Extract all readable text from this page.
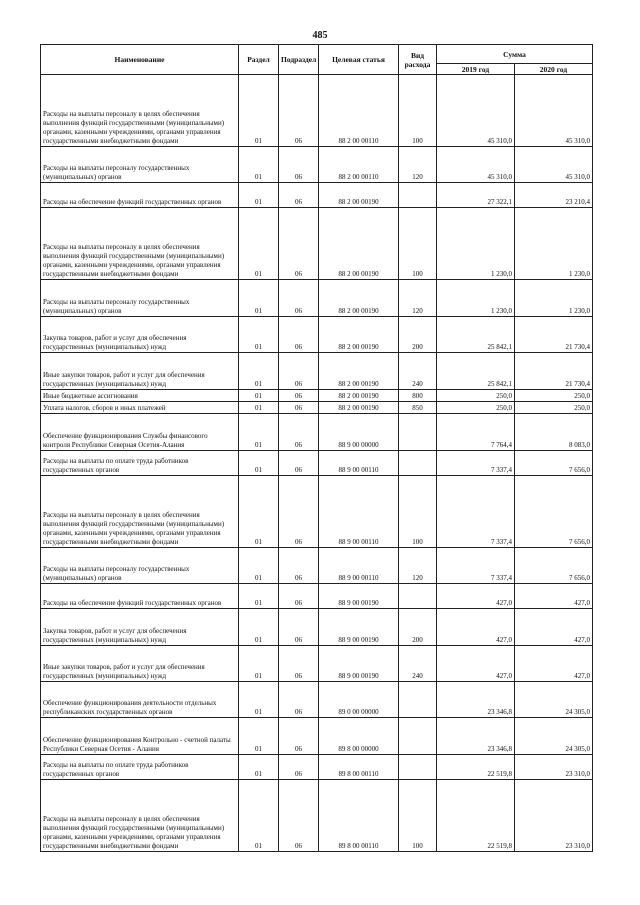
485
Наименование	Раздел	Подраздел	Целевая статья	Вид расхода	Сумма	
					2019 год	2020 год
Расходы на выплаты персоналу в целях обеспечения выполнения функций государственными (муниципальными) органами, казенными учреждениями, органами управления государственными внебюджетными фондами	01	06	88 2 00 00110	100	45 310,0	45 310,0
Расходы на выплаты персоналу государственных (муниципальных) органов	01	06	88 2 00 00110	120	45 310,0	45 310,0
Расходы на обеспечение функций государственных органов	01	06	88 2 00 00190		27 322,1	23 210,4
Расходы на выплаты персоналу в целях обеспечения выполнения функций государственными (муниципальными) органами, казенными учреждениями, органами управления государственными внебюджетными фондами	01	06	88 2 00 00190	100	1 230,0	1 230,0
Расходы на выплаты персоналу государственных (муниципальных) органов	01	06	88 2 00 00190	120	1 230,0	1 230,0
Закупка товаров, работ и услуг для обеспечения государственных (муниципальных) нужд	01	06	88 2 00 00190	200	25 842,1	21 730,4
Иные закупки товаров, работ и услуг для обеспечения государственных (муниципальных) нужд	01	06	88 2 00 00190	240	25 842,1	21 730,4
Иные бюджетные ассигнования	01	06	88 2 00 00190	800	250,0	250,0
Уплата налогов, сборов и иных платежей	01	06	88 2 00 00190	850	250,0	250,0
Обеспечение функционирования Службы финансового контроля Республики Северная Осетия-Алания	01	06	88 9 00 00000		7 764,4	8 083,0
Расходы на выплаты по оплате труда работников государственных органов	01	06	88 9 00 00110		7 337,4	7 656,0
Расходы на выплаты персоналу в целях обеспечения выполнения функций государственными (муниципальными) органами, казенными учреждениями, органами управления государственными внебюджетными фондами	01	06	88 9 00 00110	100	7 337,4	7 656,0
Расходы на выплаты персоналу государственных (муниципальных) органов	01	06	88 9 00 00110	120	7 337,4	7 656,0
Расходы на обеспечение функций государственных органов	01	06	88 9 00 00190		427,0	427,0
Закупка товаров, работ и услуг для обеспечения государственных (муниципальных) нужд	01	06	88 9 00 00190	200	427,0	427,0
Иные закупки товаров, работ и услуг для обеспечения государственных (муниципальных) нужд	01	06	88 9 00 00190	240	427,0	427,0
Обеспечение функционирования деятельности отдельных республиканских государственных органов	01	06	89 0 00 00000		23 346,8	24 305,0
Обеспечение функционирования Контрольно - счетной палаты Республики Северная Осетия - Алания	01	06	89 8 00 00000		23 346,8	24 305,0
Расходы на выплаты по оплате труда работников государственных органов	01	06	89 8 00 00110		22 519,8	23 310,0
Расходы на выплаты персоналу в целях обеспечения выполнения функций государственными (муниципальными) органами, казенными учреждениями, органами управления государственными внебюджетными фондами	01	06	89 8 00 00110	100	22 519,8	23 310,0
